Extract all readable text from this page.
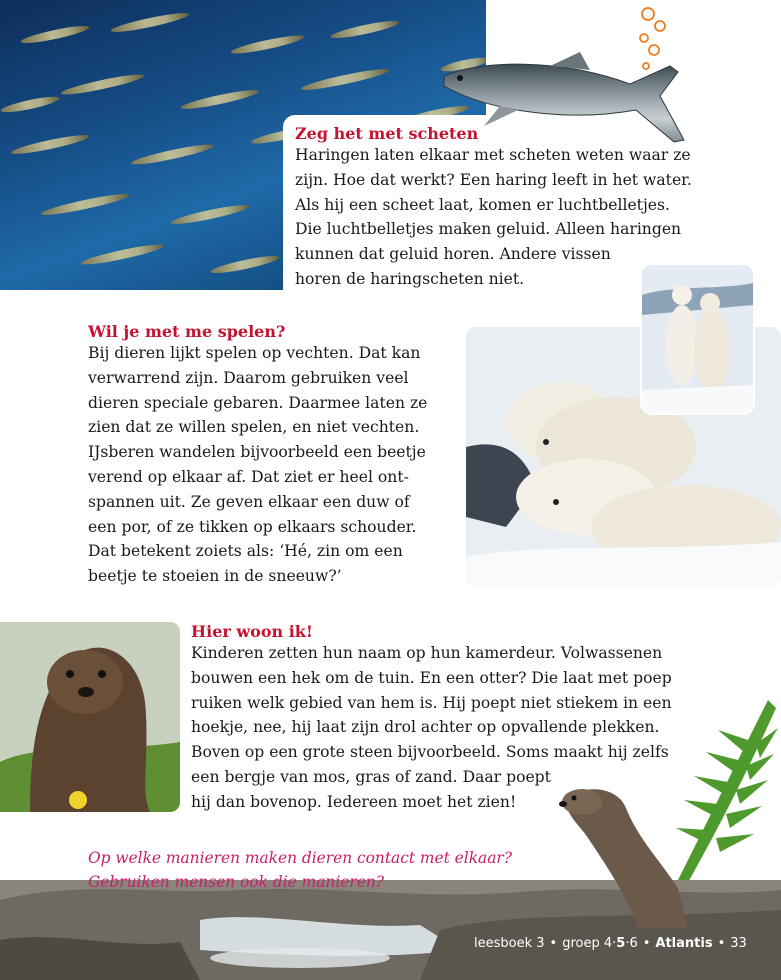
Zeg het met scheten

Haringen laten elkaar met scheten weten waar ze
zijn. Hoe dat werkt? Een haring leeft in het water.
Als hij een scheet laat, komen er luchtbelletjes.
Die luchtbelletjes maken geluid. Alleen haringen
kunnen dat geluid horen. Andere vissen
horen de haringscheten niet.

Wil je met me spelen?

Bij dieren lijkt spelen op vechten. Dat kan
verwarrend zijn. Daarom gebruiken veel
dieren speciale gebaren. Daarmee laten ze
zien dat ze willen spelen, en niet vechten.
IJsberen wandelen bijvoorbeeld een beetje
verend op elkaar af. Dat ziet er heel ont-
spannen uit. Ze geven elkaar een duw of
een por, of ze tikken op elkaars schouder.
Dat betekent zoiets als: ‘Hé, zin om een
beetje te stoeien in de sneeuw?’

Hier woon ik!

Kinderen zetten hun naam op hun kamerdeur. Volwassenen
bouwen een hek om de tuin. En een otter? Die laat met poep
ruiken welk gebied van hem is. Hij poept niet stiekem in een
hoekje, nee, hij laat zijn drol achter op opvallende plekken.
Boven op een grote steen bijvoorbeeld. Soms maakt hij zelfs
een bergje van mos, gras of zand. Daar poept
hij dan bovenop. Iedereen moet het zien!

Op welke manieren maken dieren contact met elkaar?
Gebruiken mensen ook die manieren?
leesboek 3 • groep 4·5·6 • Atlantis • 33
